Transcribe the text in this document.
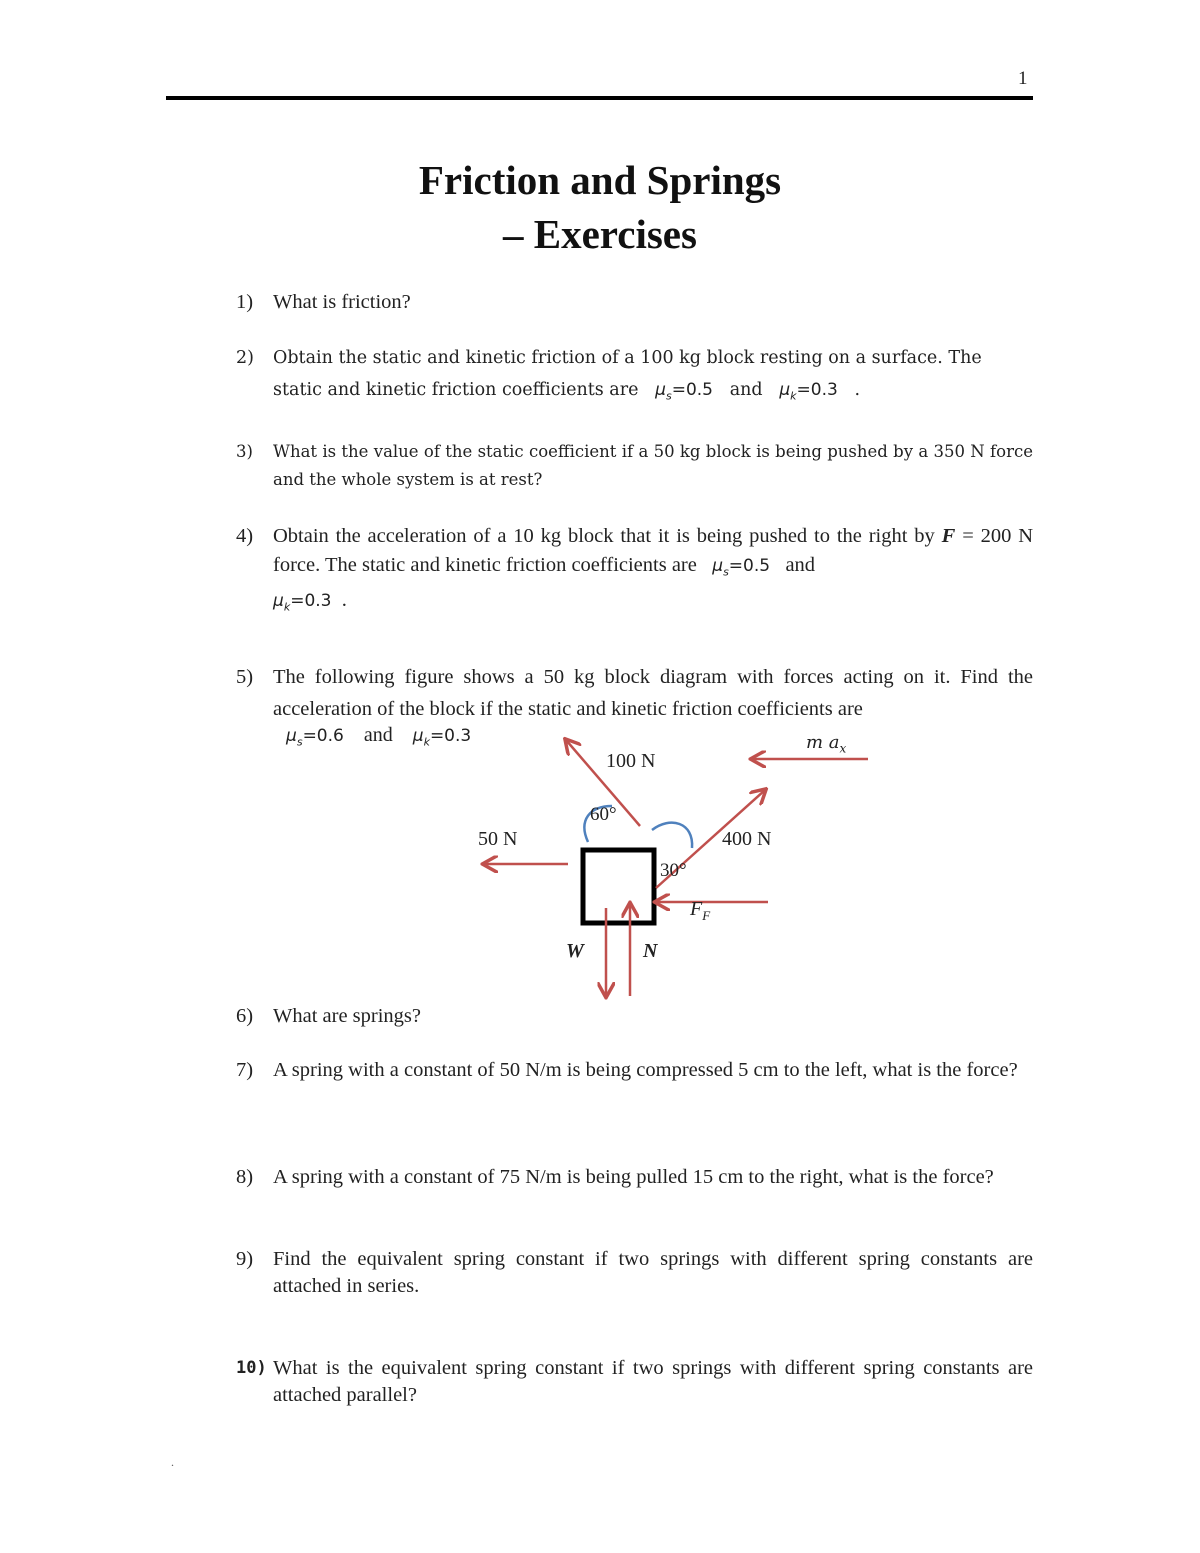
1
Friction and Springs
– Exercises
1) What is friction?
2) Obtain the static and kinetic friction of a 100 kg block resting on a surface. The static and kinetic friction coefficients are $\mu_s=0.5$ and $\mu_k=0.3$ .
3) What is the value of the static coefficient if a 50 kg block is being pushed by a 350 N force and the whole system is at rest?
4) Obtain the acceleration of a 10 kg block that it is being pushed to the right by F = 200 N force. The static and kinetic friction coefficients are $\mu_s=0.5$ and
$\mu_k=0.3$ .
5) The following figure shows a 50 kg block diagram with forces acting on it. Find the acceleration of the block if the static and kinetic friction coefficients are
$\mu_s=0.6$ and $\mu_k=0.3$
100 N
50 N	400 N
60°
30°
m $a_x$
$F_F$
W	N
6) What are springs?
7) A spring with a constant of 50 N/m is being compressed 5 cm to the left, what is the force?
8) A spring with a constant of 75 N/m is being pulled 15 cm to the right, what is the force?
9) Find the equivalent spring constant if two springs with different spring constants are attached in series.
10) What is the equivalent spring constant if two springs with different spring constants are attached parallel?
.
